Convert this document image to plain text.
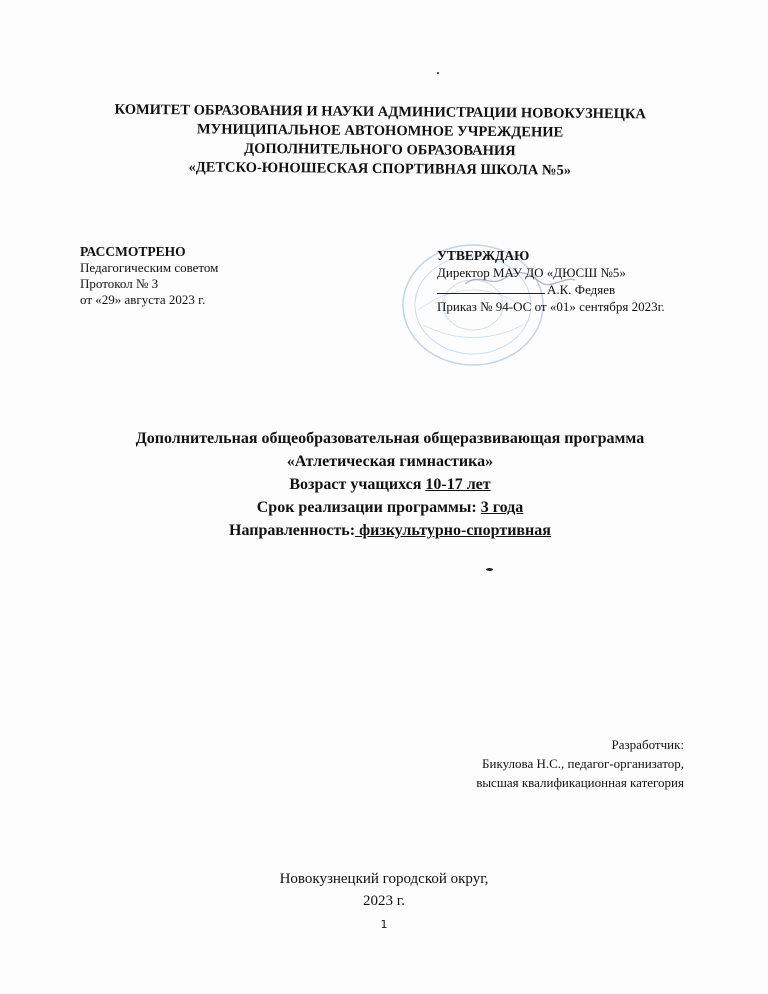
КОМИТЕТ ОБРАЗОВАНИЯ И НАУКИ АДМИНИСТРАЦИИ НОВОКУЗНЕЦКА
МУНИЦИПАЛЬНОЕ АВТОНОМНОЕ УЧРЕЖДЕНИЕ
ДОПОЛНИТЕЛЬНОГО ОБРАЗОВАНИЯ
«ДЕТСКО-ЮНОШЕСКАЯ СПОРТИВНАЯ ШКОЛА №5»
РАССМОТРЕНО
Педагогическим советом
Протокол № 3
от «29» августа 2023 г.
УТВЕРЖДАЮ
Директор МАУ ДО «ДЮСШ №5»
А.К. Федяев
Приказ № 94-ОС от «01» сентября 2023г.
Дополнительная общеобразовательная общеразвивающая программа
«Атлетическая гимнастика»
Возраст учащихся 10-17 лет
Срок реализации программы: 3 года
Направленность: физкультурно-спортивная
Разработчик:
Бикулова Н.С., педагог-организатор,
высшая квалификационная категория
Новокузнецкий городской округ,
2023 г.
1
